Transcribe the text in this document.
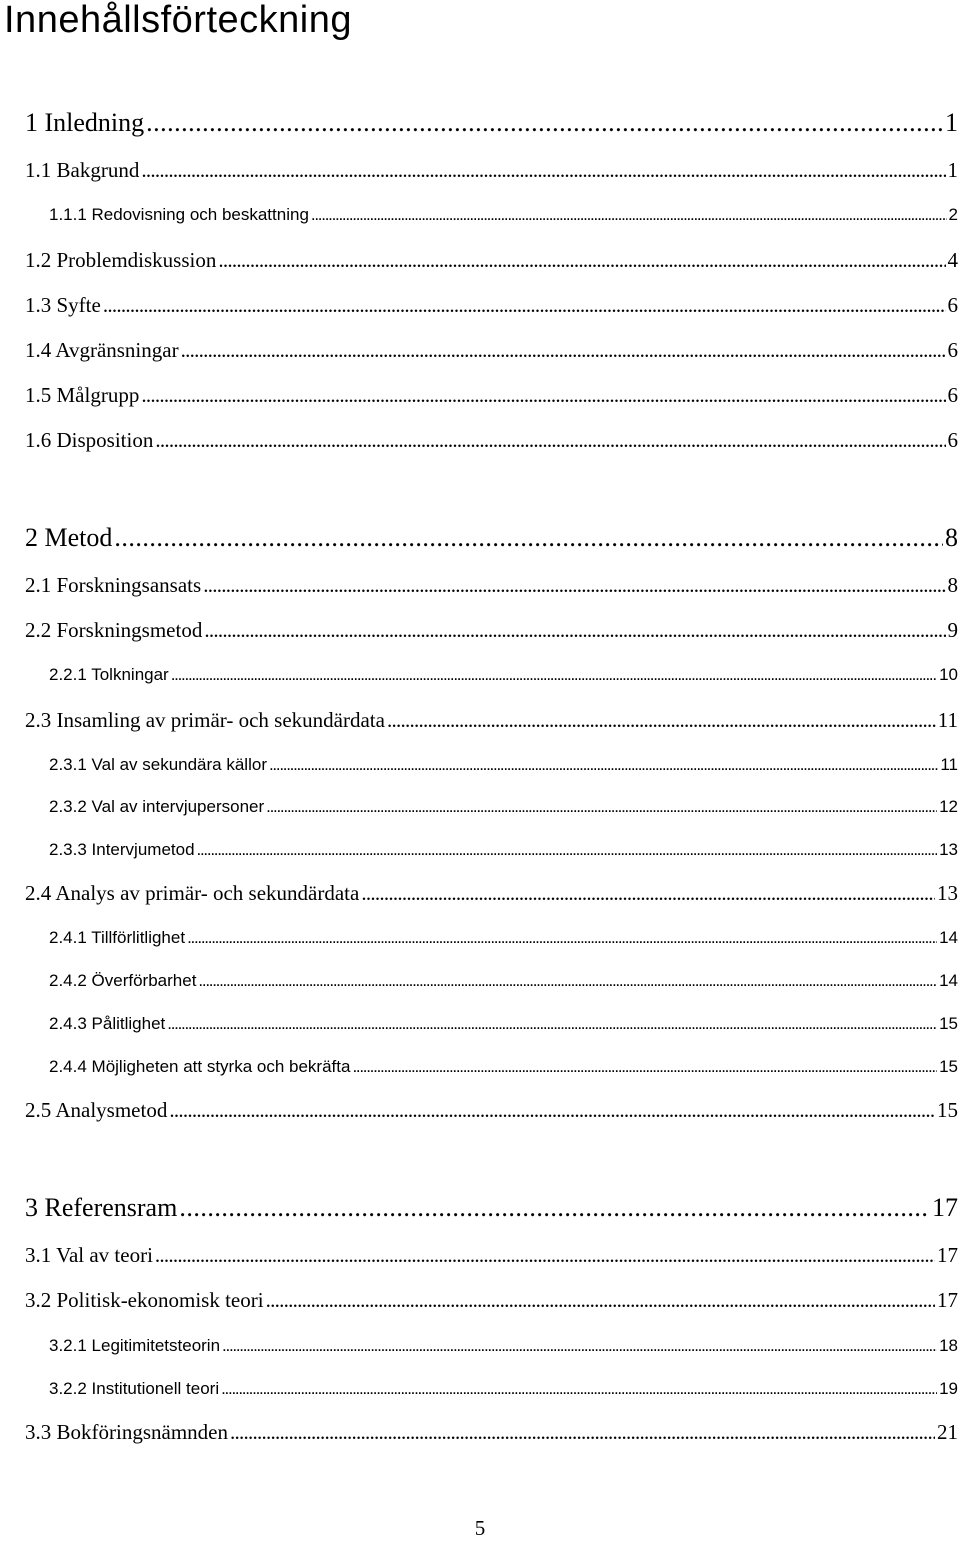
Innehållsförteckning
1 Inledning . . .	1
1.1 Bakgrund . . .	1
1.1.1 Redovisning och beskattning . . .	2
1.2 Problemdiskussion . . .	4
1.3 Syfte . . .	6
1.4 Avgränsningar . . .	6
1.5 Målgrupp . . .	6
1.6 Disposition . . .	6
2 Metod . . .	8
2.1 Forskningsansats . . .	8
2.2 Forskningsmetod . . .	9
2.2.1 Tolkningar . . .	10
2.3 Insamling av primär- och sekundärdata . . .	11
2.3.1 Val av sekundära källor . . .	11
2.3.2 Val av intervjupersoner . . .	12
2.3.3 Intervjumetod . . .	13
2.4 Analys av primär- och sekundärdata . . .	13
2.4.1 Tillförlitlighet . . .	14
2.4.2 Överförbarhet . . .	14
2.4.3 Pålitlighet . . .	15
2.4.4 Möjligheten att styrka och bekräfta . . .	15
2.5 Analysmetod . . .	15
3 Referensram . . .	17
3.1 Val av teori . . .	17
3.2 Politisk-ekonomisk teori . . .	17
3.2.1 Legitimitetsteorin . . .	18
3.2.2 Institutionell teori . . .	19
3.3 Bokföringsnämnden . . .	21

5
